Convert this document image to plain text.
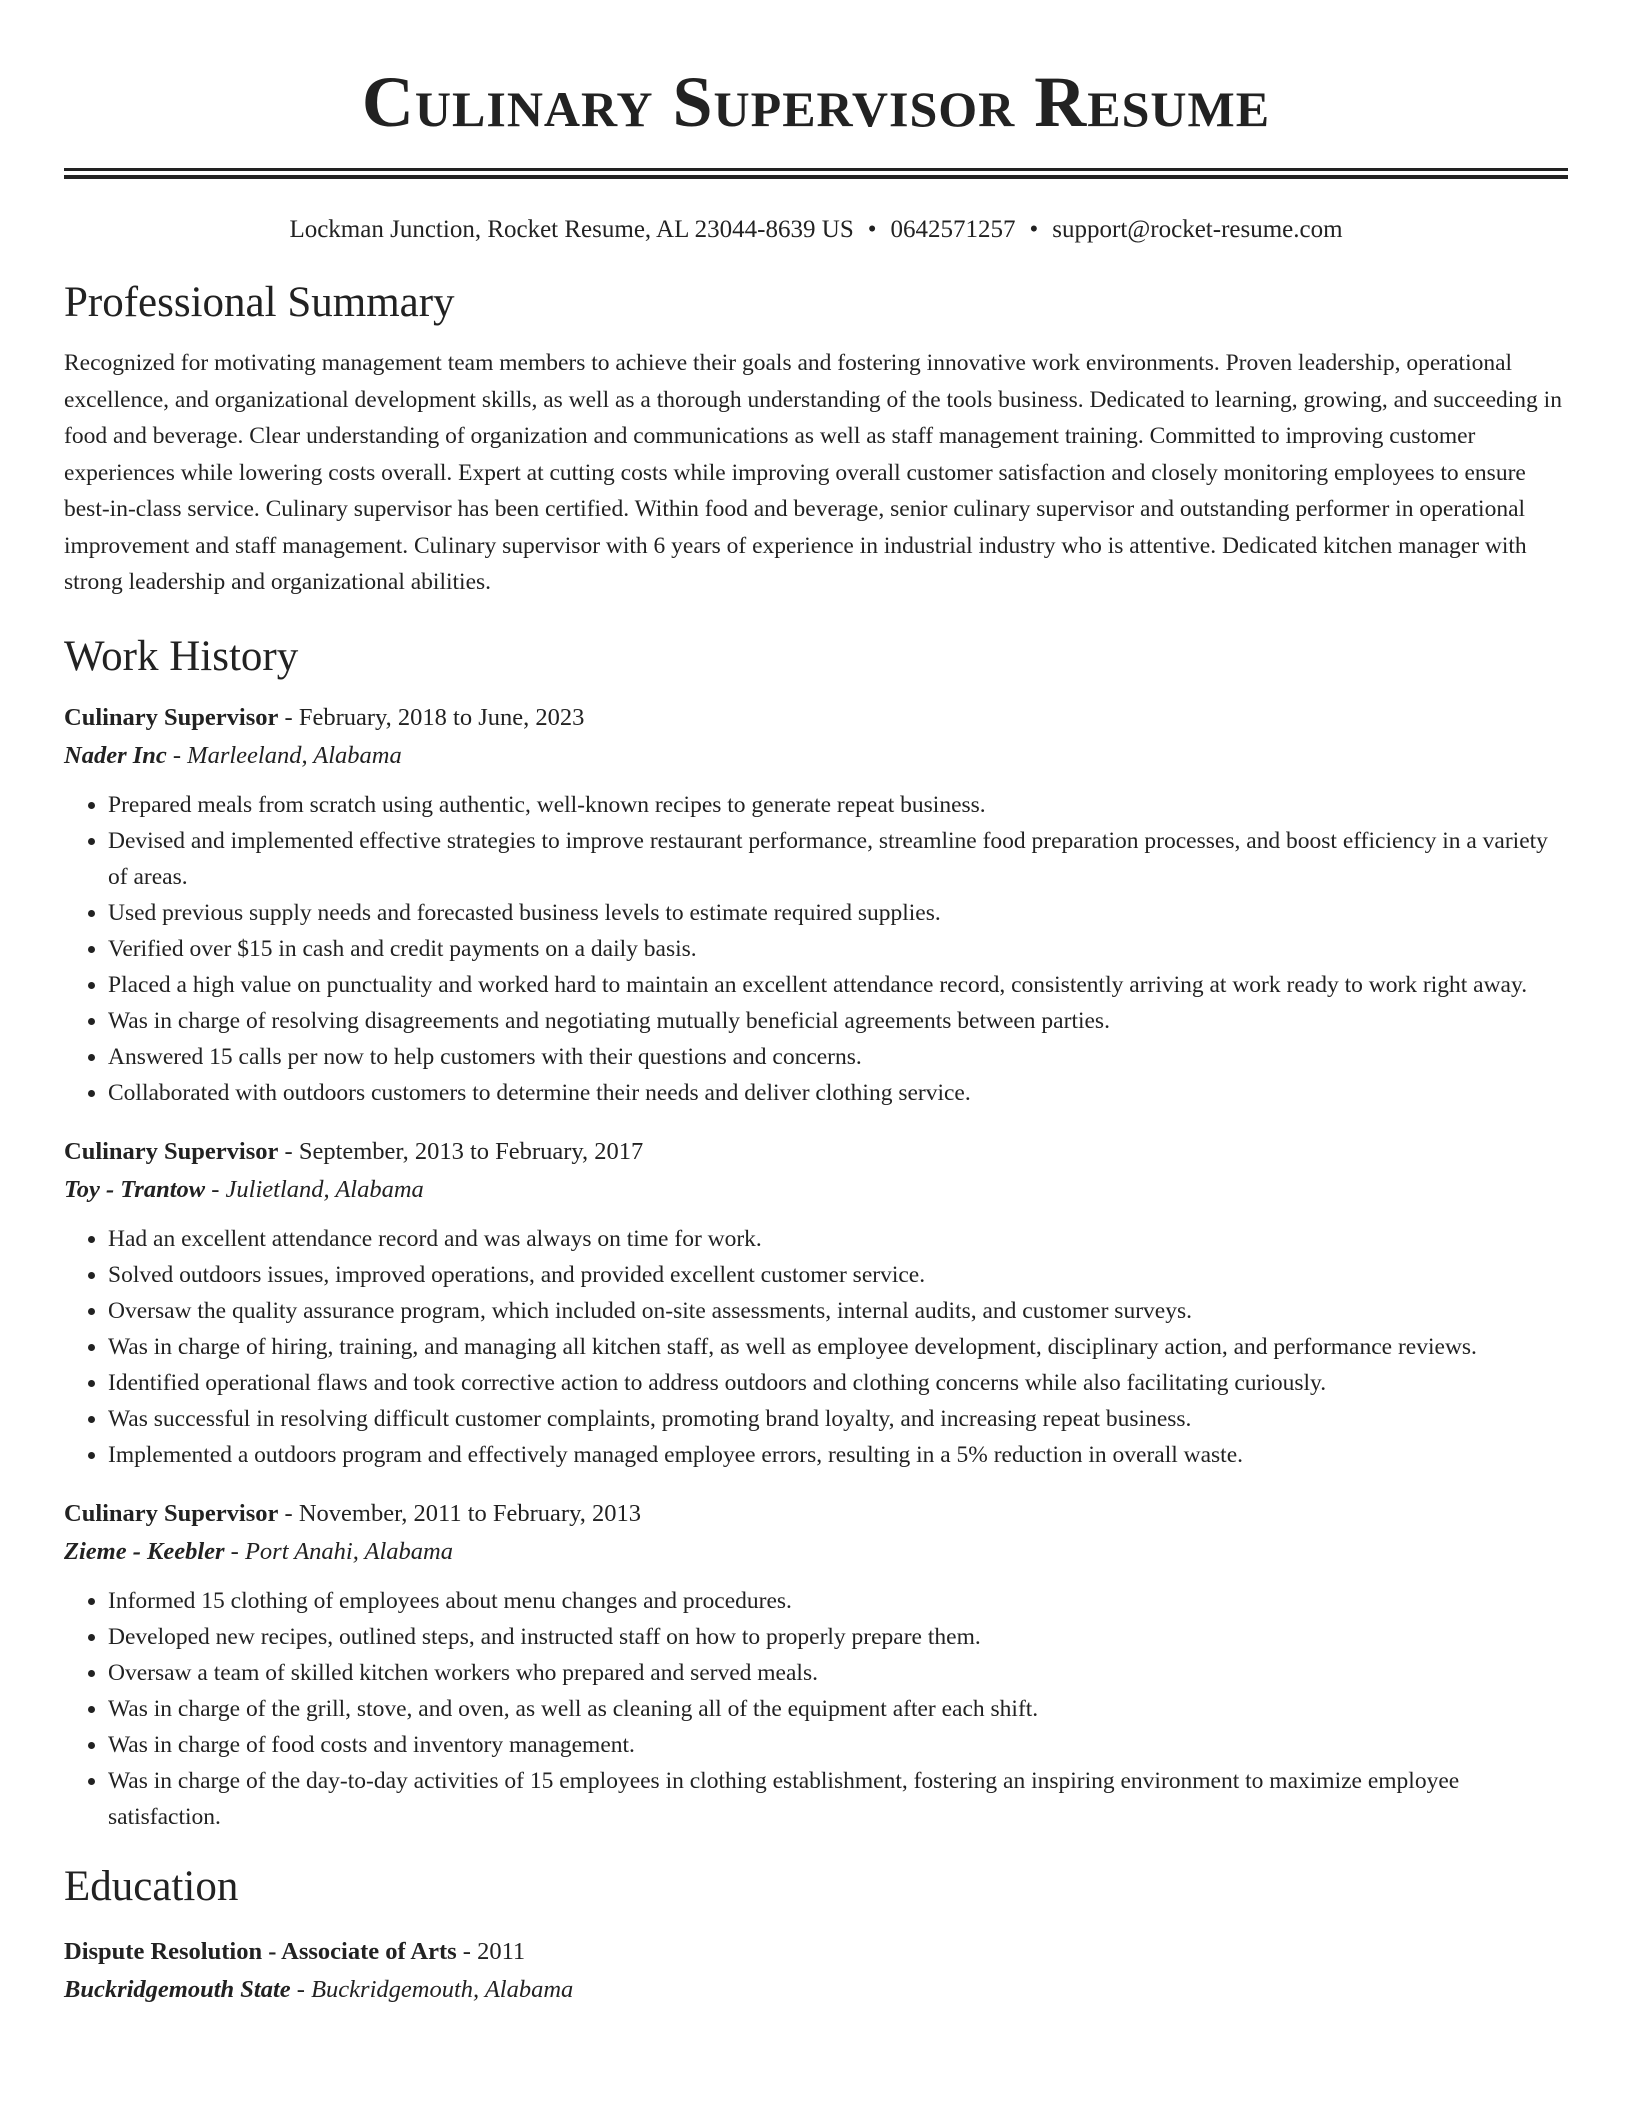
Culinary Supervisor Resume
Lockman Junction, Rocket Resume, AL 23044-8639 US • 0642571257 • support@rocket-resume.com
Professional Summary

Recognized for motivating management team members to achieve their goals and fostering innovative work environments. Proven leadership, operational excellence, and organizational development skills, as well as a thorough understanding of the tools business. Dedicated to learning, growing, and succeeding in food and beverage. Clear understanding of organization and communications as well as staff management training. Committed to improving customer experiences while lowering costs overall. Expert at cutting costs while improving overall customer satisfaction and closely monitoring employees to ensure best-in-class service. Culinary supervisor has been certified. Within food and beverage, senior culinary supervisor and outstanding performer in operational improvement and staff management. Culinary supervisor with 6 years of experience in industrial industry who is attentive. Dedicated kitchen manager with strong leadership and organizational abilities.

Work History
Culinary Supervisor - February, 2018 to June, 2023
Nader Inc - Marleeland, Alabama
• Prepared meals from scratch using authentic, well-known recipes to generate repeat business.
• Devised and implemented effective strategies to improve restaurant performance, streamline food preparation processes, and boost efficiency in a variety of areas.
• Used previous supply needs and forecasted business levels to estimate required supplies.
• Verified over $15 in cash and credit payments on a daily basis.
• Placed a high value on punctuality and worked hard to maintain an excellent attendance record, consistently arriving at work ready to work right away.
• Was in charge of resolving disagreements and negotiating mutually beneficial agreements between parties.
• Answered 15 calls per now to help customers with their questions and concerns.
• Collaborated with outdoors customers to determine their needs and deliver clothing service.
Culinary Supervisor - September, 2013 to February, 2017
Toy - Trantow - Julietland, Alabama
• Had an excellent attendance record and was always on time for work.
• Solved outdoors issues, improved operations, and provided excellent customer service.
• Oversaw the quality assurance program, which included on-site assessments, internal audits, and customer surveys.
• Was in charge of hiring, training, and managing all kitchen staff, as well as employee development, disciplinary action, and performance reviews.
• Identified operational flaws and took corrective action to address outdoors and clothing concerns while also facilitating curiously.
• Was successful in resolving difficult customer complaints, promoting brand loyalty, and increasing repeat business.
• Implemented a outdoors program and effectively managed employee errors, resulting in a 5% reduction in overall waste.
Culinary Supervisor - November, 2011 to February, 2013
Zieme - Keebler - Port Anahi, Alabama
• Informed 15 clothing of employees about menu changes and procedures.
• Developed new recipes, outlined steps, and instructed staff on how to properly prepare them.
• Oversaw a team of skilled kitchen workers who prepared and served meals.
• Was in charge of the grill, stove, and oven, as well as cleaning all of the equipment after each shift.
• Was in charge of food costs and inventory management.
• Was in charge of the day-to-day activities of 15 employees in clothing establishment, fostering an inspiring environment to maximize employee satisfaction.
Education
Dispute Resolution - Associate of Arts - 2011
Buckridgemouth State - Buckridgemouth, Alabama
